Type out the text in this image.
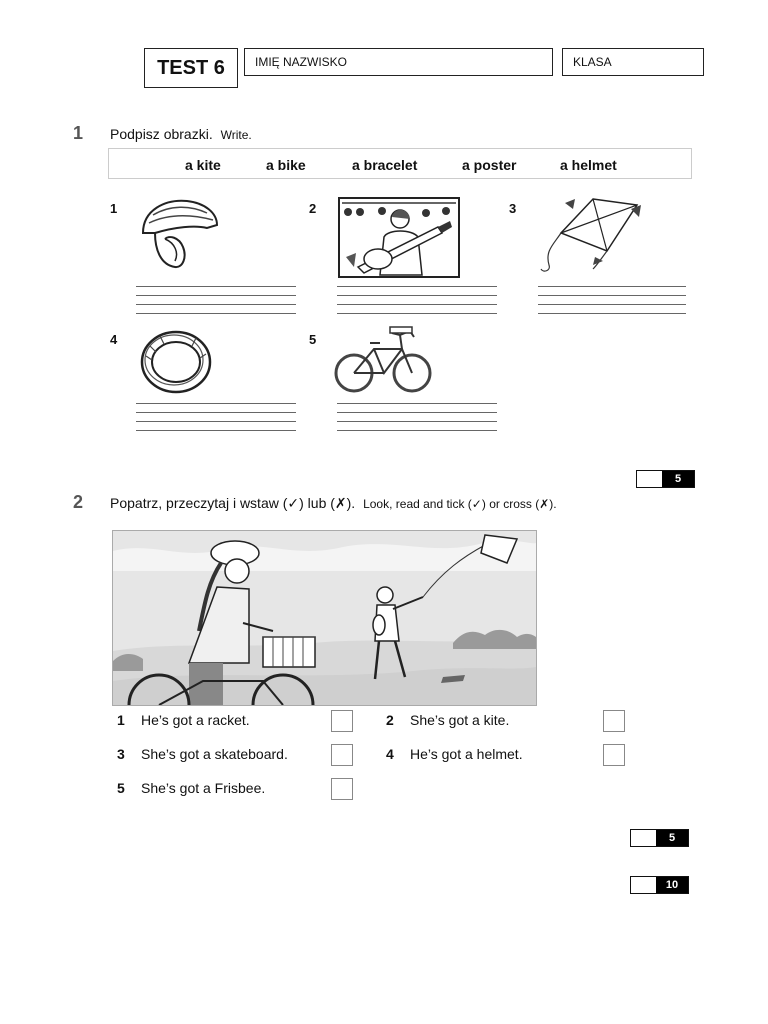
TEST 6	IMIĘ NAZWISKO	KLASA
1 Podpisz obrazki. Write.
a kite	a bike	a bracelet	a poster	a helmet
1	2	3
4	5
5
2 Popatrz, przeczytaj i wstaw (✓) lub (✗). Look, read and tick (✓) or cross (✗).
1 He’s got a racket.	2 She’s got a kite.
3 She’s got a skateboard.	4 He’s got a helmet.
5 She’s got a Frisbee.
5
10
